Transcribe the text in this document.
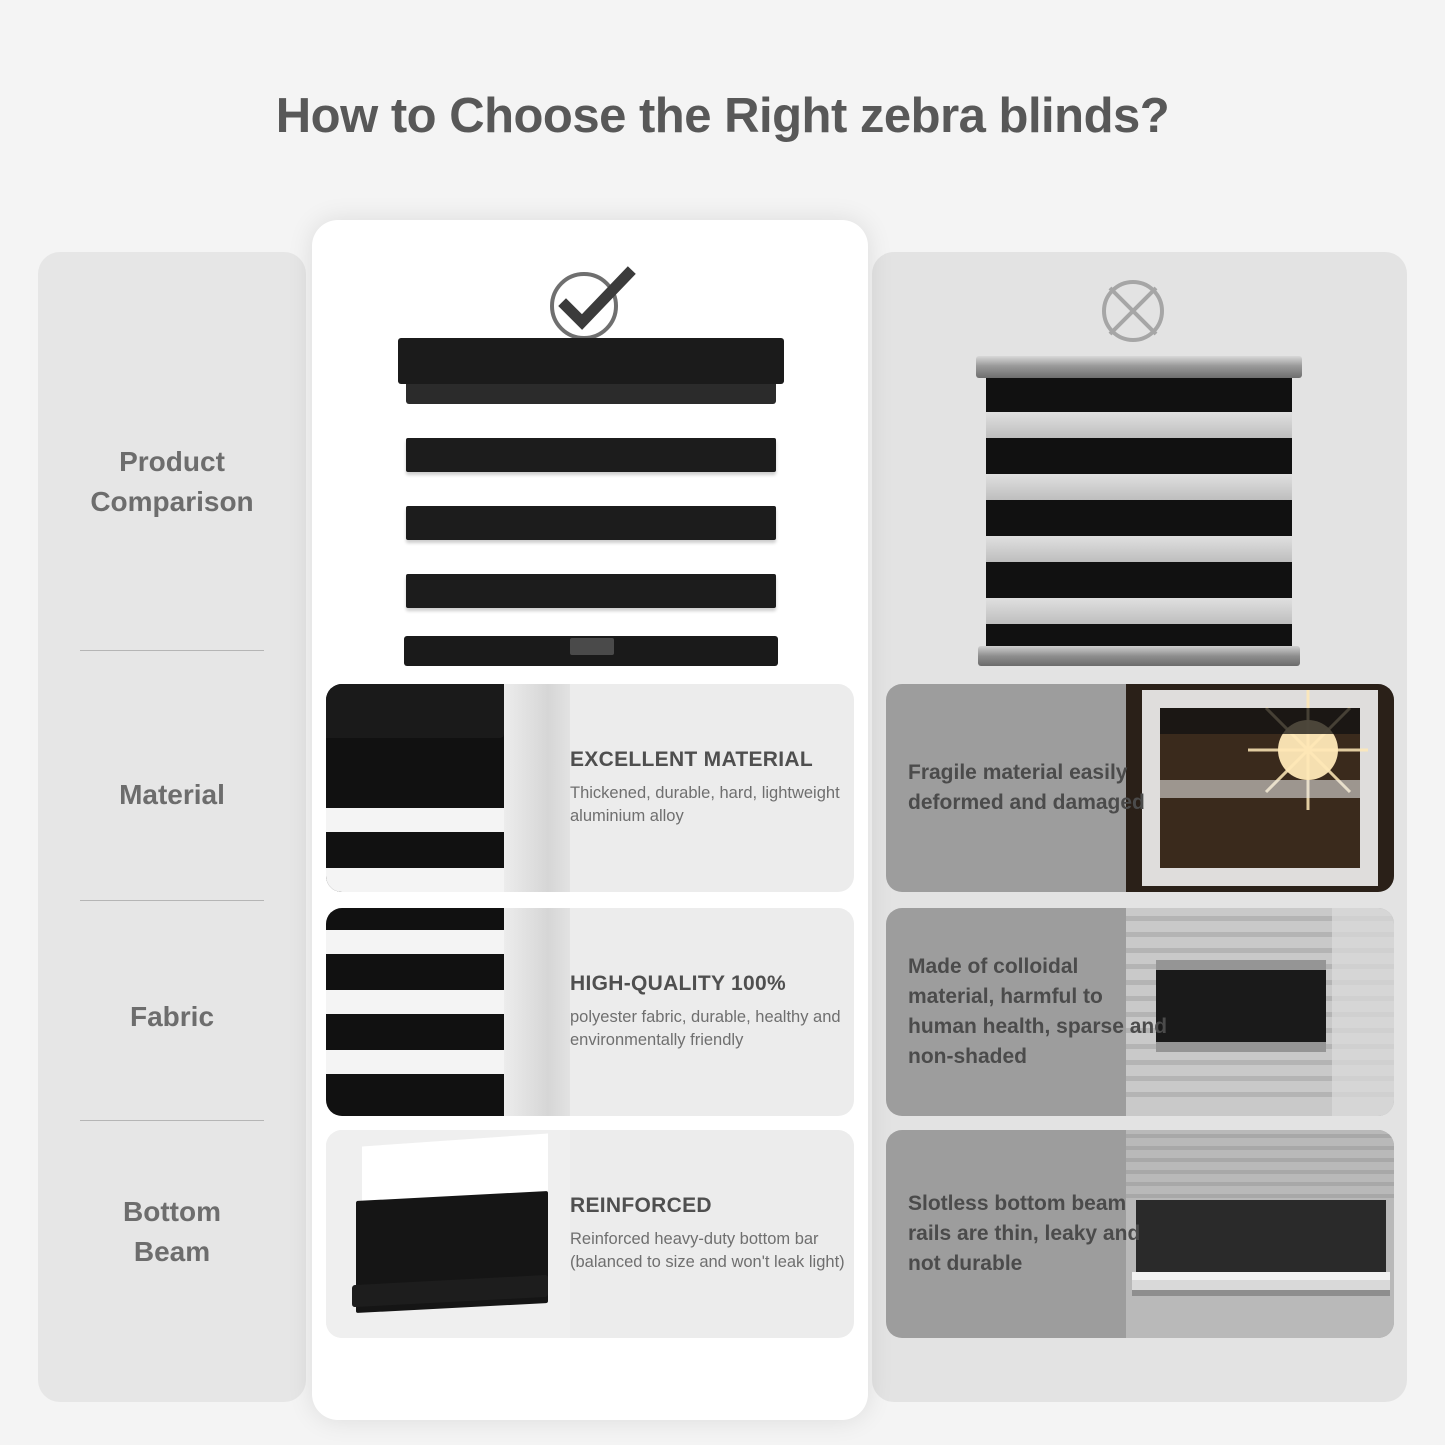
How to Choose the Right zebra blinds?
Product
Comparison
Material
Fabric
Bottom
Beam
EXCELLENT MATERIAL
Thickened, durable, hard, lightweight aluminium alloy
Fragile material easily deformed and damaged
HIGH-QUALITY 100%
polyester fabric, durable, healthy and environmentally friendly
Made of colloidal material, harmful to human health, sparse and non-shaded
REINFORCED
Reinforced heavy-duty bottom bar (balanced to size and won't leak light)
Slotless bottom beam rails are thin, leaky and not durable
